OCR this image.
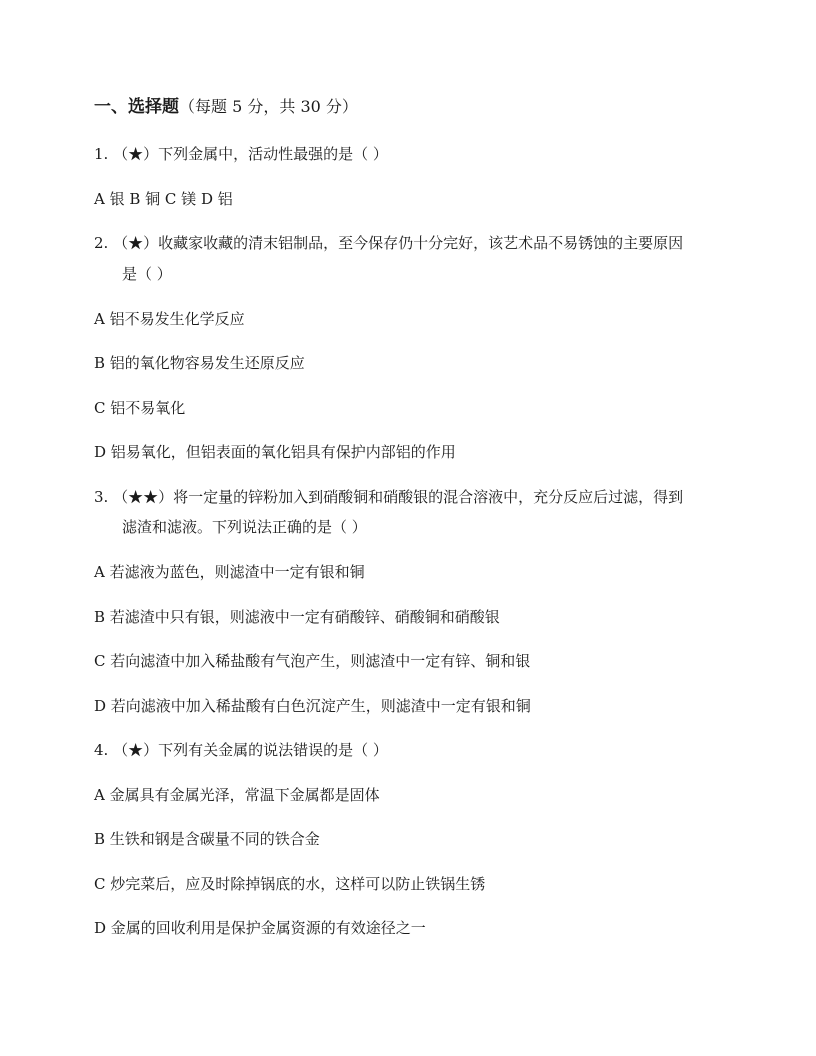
一、选择题（每题 5 分，共 30 分）
1. （★）下列金属中，活动性最强的是（ ）
A 银 B 铜 C 镁 D 铝
2. （★）收藏家收藏的清末铝制品，至今保存仍十分完好，该艺术品不易锈蚀的主要原因
是（ ）
A 铝不易发生化学反应
B 铝的氧化物容易发生还原反应
C 铝不易氧化
D 铝易氧化，但铝表面的氧化铝具有保护内部铝的作用
3. （★★）将一定量的锌粉加入到硝酸铜和硝酸银的混合溶液中，充分反应后过滤，得到
滤渣和滤液。下列说法正确的是（ ）
A 若滤液为蓝色，则滤渣中一定有银和铜
B 若滤渣中只有银，则滤液中一定有硝酸锌、硝酸铜和硝酸银
C 若向滤渣中加入稀盐酸有气泡产生，则滤渣中一定有锌、铜和银
D 若向滤液中加入稀盐酸有白色沉淀产生，则滤渣中一定有银和铜
4. （★）下列有关金属的说法错误的是（ ）
A 金属具有金属光泽，常温下金属都是固体
B 生铁和钢是含碳量不同的铁合金
C 炒完菜后，应及时除掉锅底的水，这样可以防止铁锅生锈
D 金属的回收利用是保护金属资源的有效途径之一
